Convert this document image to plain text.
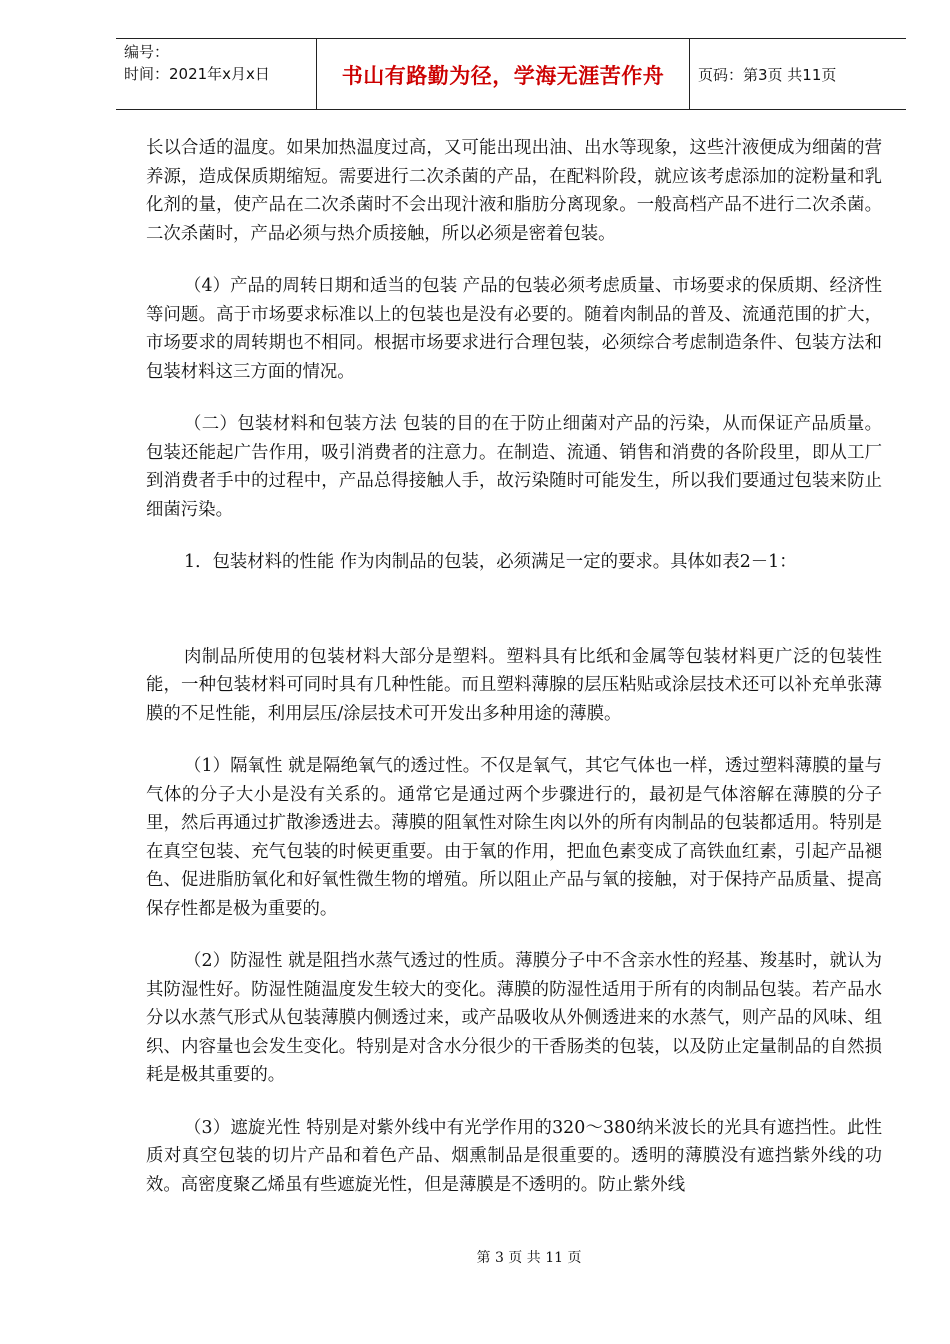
编号：
时间：2021年x月x日	书山有路勤为径，学海无涯苦作舟	页码：第3页 共11页

长以合适的温度。如果加热温度过高，又可能出现出油、出水等现象，这些汁液便成为细菌的营养源，造成保质期缩短。需要进行二次杀菌的产品，在配料阶段，就应该考虑添加的淀粉量和乳化剂的量，使产品在二次杀菌时不会出现汁液和脂肪分离现象。一般高档产品不进行二次杀菌。二次杀菌时，产品必须与热介质接触，所以必须是密着包装。

（4）产品的周转日期和适当的包装 产品的包装必须考虑质量、市场要求的保质期、经济性等问题。高于市场要求标准以上的包装也是没有必要的。随着肉制品的普及、流通范围的扩大，市场要求的周转期也不相同。根据市场要求进行合理包装，必须综合考虑制造条件、包装方法和包装材料这三方面的情况。

（二）包装材料和包装方法 包装的目的在于防止细菌对产品的污染，从而保证产品质量。包装还能起广告作用，吸引消费者的注意力。在制造、流通、销售和消费的各阶段里，即从工厂到消费者手中的过程中，产品总得接触人手，故污染随时可能发生，所以我们要通过包装来防止细菌污染。

1．包装材料的性能 作为肉制品的包装，必须满足一定的要求。具体如表2－1：

肉制品所使用的包装材料大部分是塑料。塑料具有比纸和金属等包装材料更广泛的包装性能，一种包装材料可同时具有几种性能。而且塑料薄腺的层压粘贴或涂层技术还可以补充单张薄膜的不足性能，利用层压/涂层技术可开发出多种用途的薄膜。

（1）隔氧性 就是隔绝氧气的透过性。不仅是氧气，其它气体也一样，透过塑料薄膜的量与气体的分子大小是没有关系的。通常它是通过两个步骤进行的，最初是气体溶解在薄膜的分子里，然后再通过扩散渗透进去。薄膜的阻氧性对除生肉以外的所有肉制品的包装都适用。特别是在真空包装、充气包装的时候更重要。由于氧的作用，把血色素变成了高铁血红素，引起产品褪色、促进脂肪氧化和好氧性微生物的增殖。所以阻止产品与氧的接触，对于保持产品质量、提高保存性都是极为重要的。

（2）防湿性 就是阻挡水蒸气透过的性质。薄膜分子中不含亲水性的羟基、羧基时，就认为其防湿性好。防湿性随温度发生较大的变化。薄膜的防湿性适用于所有的肉制品包装。若产品水分以水蒸气形式从包装薄膜内侧透过来，或产品吸收从外侧透进来的水蒸气，则产品的风味、组织、内容量也会发生变化。特别是对含水分很少的干香肠类的包装，以及防止定量制品的自然损耗是极其重要的。

（3）遮旋光性 特别是对紫外线中有光学作用的320～380纳米波长的光具有遮挡性。此性质对真空包装的切片产品和着色产品、烟熏制品是很重要的。透明的薄膜没有遮挡紫外线的功效。高密度聚乙烯虽有些遮旋光性，但是薄膜是不透明的。防止紫外线

第 3 页 共 11 页
